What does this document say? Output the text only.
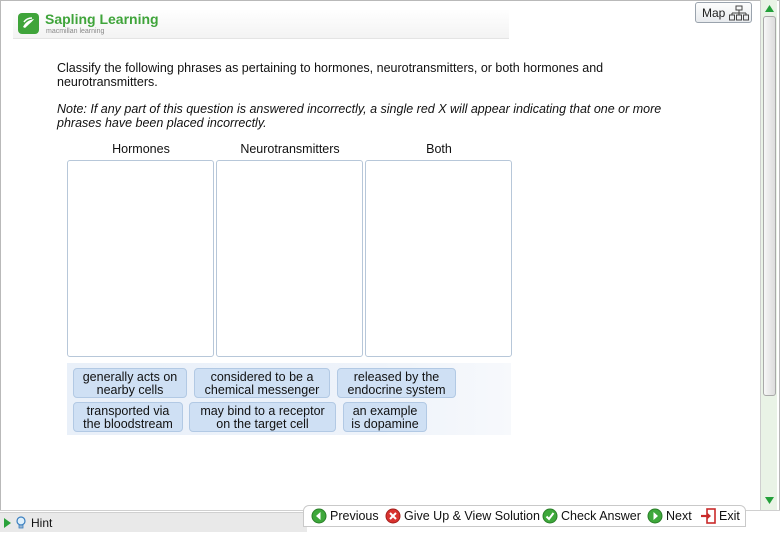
Sapling Learning
macmillan learning
Map
Classify the following phrases as pertaining to hormones, neurotransmitters, or both hormones and neurotransmitters.
Note: If any part of this question is answered incorrectly, a single red X will appear indicating that one or more phrases have been placed incorrectly.
Hormones	Neurotransmitters	Both
generally acts on
nearby cells
considered to be a
chemical messenger
released by the
endocrine system
transported via
the bloodstream
may bind to a receptor
on the target cell
an example
is dopamine
Hint	Previous Give Up & View Solution Check Answer Next Exit
